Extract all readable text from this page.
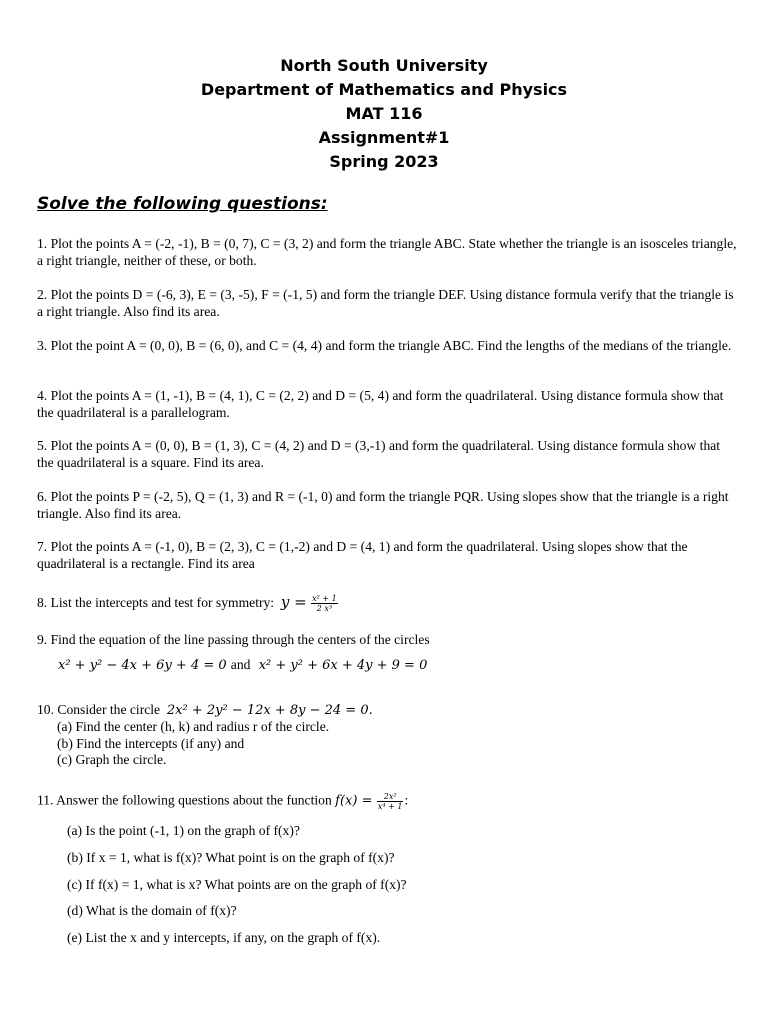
North South University
Department of Mathematics and Physics
MAT 116
Assignment#1
Spring 2023
Solve the following questions:
1. Plot the points A = (-2, -1), B = (0, 7), C = (3, 2) and form the triangle ABC. State whether the triangle is an isosceles triangle, a right triangle, neither of these, or both.
2. Plot the points D = (-6, 3), E = (3, -5), F = (-1, 5) and form the triangle DEF. Using distance formula verify that the triangle is a right triangle. Also find its area.
3. Plot the point A = (0, 0), B = (6, 0), and C = (4, 4) and form the triangle ABC. Find the lengths of the medians of the triangle.
4. Plot the points A = (1, -1), B = (4, 1), C = (2, 2) and D = (5, 4) and form the quadrilateral. Using distance formula show that the quadrilateral is a parallelogram.
5. Plot the points A = (0, 0), B = (1, 3), C = (4, 2) and D = (3,-1) and form the quadrilateral. Using distance formula show that the quadrilateral is a square. Find its area.
6. Plot the points P = (-2, 5), Q = (1, 3) and R = (-1, 0) and form the triangle PQR. Using slopes show that the triangle is a right triangle. Also find its area.
7. Plot the points A = (-1, 0), B = (2, 3), C = (1,-2) and D = (4, 1) and form the quadrilateral. Using slopes show that the quadrilateral is a rectangle. Find its area
8. List the intercepts and test for symmetry: $y = \frac{\text{x² + 1}}{\text{2 x³}}$
9. Find the equation of the line passing through the centers of the circles
x² + y² − 4x + 6y + 4 = 0 and x² + y² + 6x + 4y + 9 = 0
10. Consider the circle 2x² + 2y² − 12x + 8y − 24 = 0.
(a) Find the center (h, k) and radius r of the circle.
(b) Find the intercepts (if any) and
(c) Graph the circle.
11. Answer the following questions about the function $f(x) = \frac{\text{2x²}}{\text{x⁴ + 1}}$ :
(a) Is the point (-1, 1) on the graph of f(x)?
(b) If x = 1, what is f(x)? What point is on the graph of f(x)?
(c) If f(x) = 1, what is x? What points are on the graph of f(x)?
(d) What is the domain of f(x)?
(e) List the x and y intercepts, if any, on the graph of f(x).
